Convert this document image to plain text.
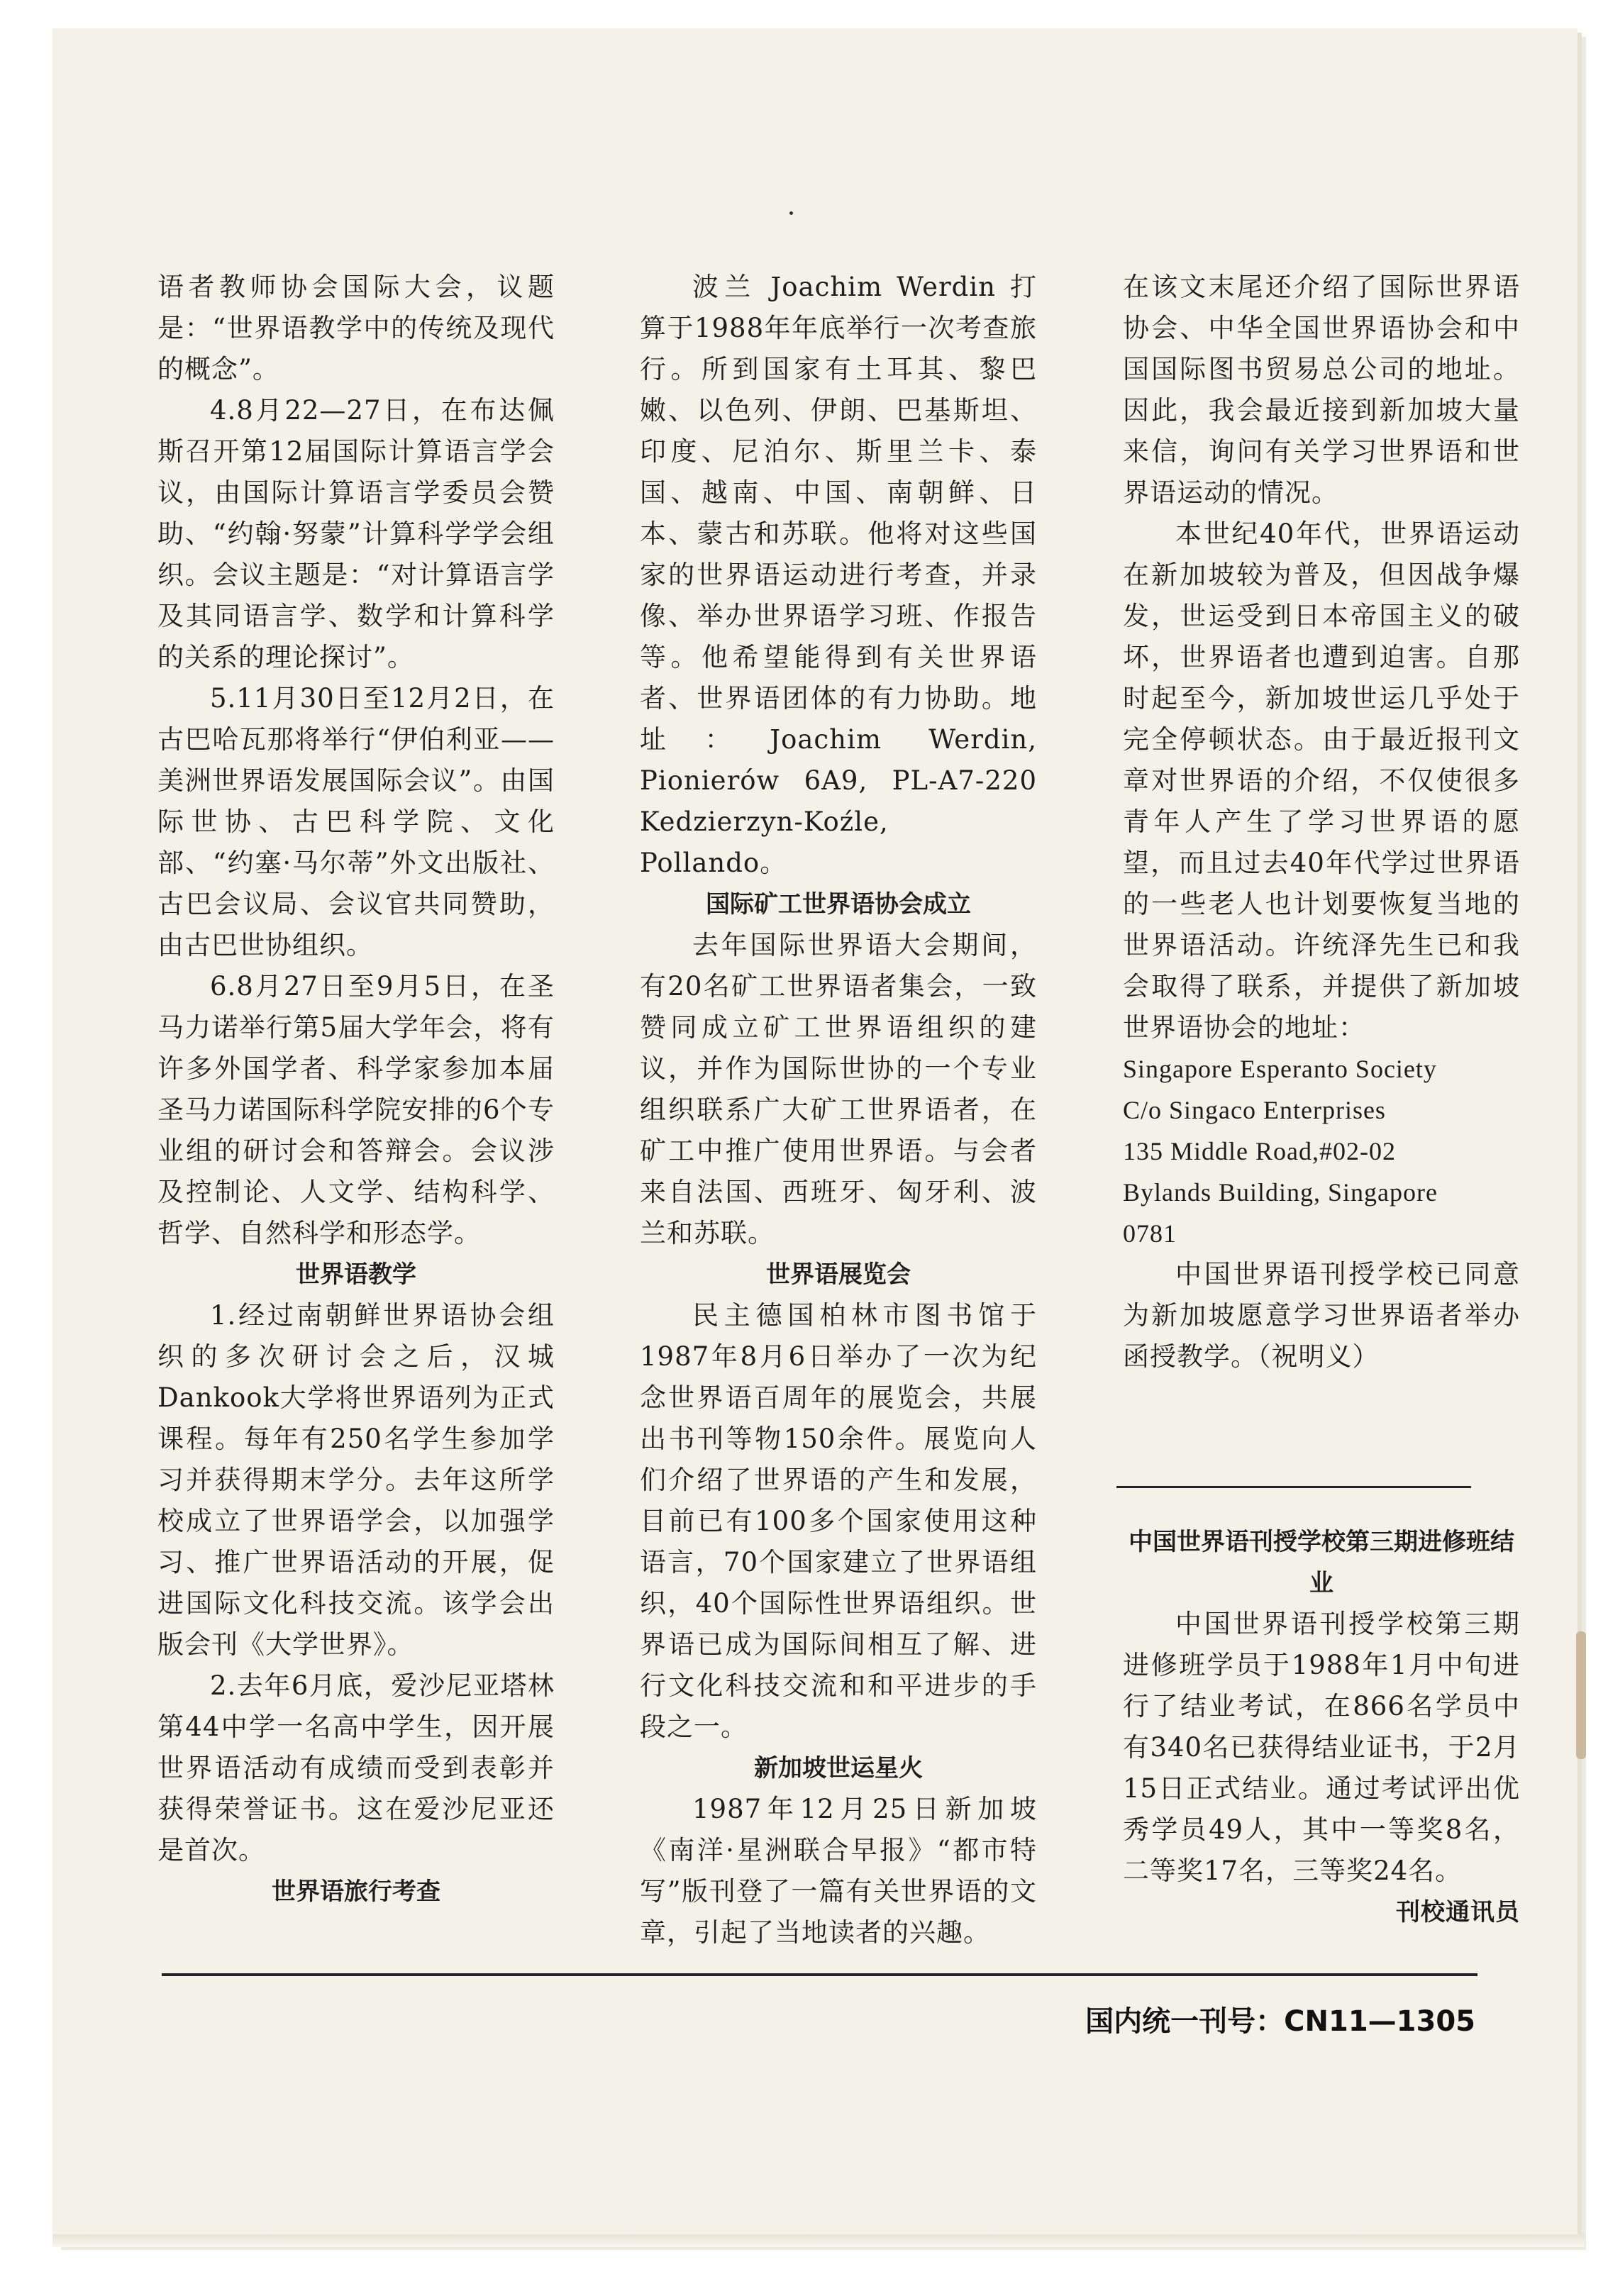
语者教师协会国际大会，议题是：“世界语教学中的传统及现代的概念”。

4.8月22—27日，在布达佩斯召开第12届国际计算语言学会议，由国际计算语言学委员会赞助、“约翰·努蒙”计算科学学会组织。会议主题是：“对计算语言学及其同语言学、数学和计算科学的关系的理论探讨”。

5.11月30日至12月2日，在古巴哈瓦那将举行“伊伯利亚——美洲世界语发展国际会议”。由国际世协、古巴科学院、文化部、“约塞·马尔蒂”外文出版社、古巴会议局、会议官共同赞助，由古巴世协组织。

6.8月27日至9月5日，在圣马力诺举行第5届大学年会，将有许多外国学者、科学家参加本届圣马力诺国际科学院安排的6个专业组的研讨会和答辩会。会议涉及控制论、人文学、结构科学、哲学、自然科学和形态学。

世界语教学

1.经过南朝鲜世界语协会组织的多次研讨会之后，汉城Dankook大学将世界语列为正式课程。每年有250名学生参加学习并获得期末学分。去年这所学校成立了世界语学会，以加强学习、推广世界语活动的开展，促进国际文化科技交流。该学会出版会刊《大学世界》。

2.去年6月底，爱沙尼亚塔林第44中学一名高中学生，因开展世界语活动有成绩而受到表彰并获得荣誉证书。这在爱沙尼亚还是首次。

世界语旅行考查

波兰 Joachim Werdin 打算于1988年年底举行一次考查旅行。所到国家有土耳其、黎巴嫩、以色列、伊朗、巴基斯坦、印度、尼泊尔、斯里兰卡、泰国、越南、中国、南朝鲜、日本、蒙古和苏联。他将对这些国家的世界语运动进行考查，并录像、举办世界语学习班、作报告等。他希望能得到有关世界语者、世界语团体的有力协助。地址：Joachim Werdin, Pionierów 6A9, PL-A7-220 Kedzierzyn-Koźle, Pollando。

国际矿工世界语协会成立

去年国际世界语大会期间，有20名矿工世界语者集会，一致赞同成立矿工世界语组织的建议，并作为国际世协的一个专业组织联系广大矿工世界语者，在矿工中推广使用世界语。与会者来自法国、西班牙、匈牙利、波兰和苏联。

世界语展览会

民主德国柏林市图书馆于1987年8月6日举办了一次为纪念世界语百周年的展览会，共展出书刊等物150余件。展览向人们介绍了世界语的产生和发展，目前已有100多个国家使用这种语言，70个国家建立了世界语组织，40个国际性世界语组织。世界语已成为国际间相互了解、进行文化科技交流和和平进步的手段之一。

新加坡世运星火

1987年12月25日新加坡《南洋·星洲联合早报》“都市特写”版刊登了一篇有关世界语的文章，引起了当地读者的兴趣。

在该文末尾还介绍了国际世界语协会、中华全国世界语协会和中国国际图书贸易总公司的地址。因此，我会最近接到新加坡大量来信，询问有关学习世界语和世界语运动的情况。

本世纪40年代，世界语运动在新加坡较为普及，但因战争爆发，世运受到日本帝国主义的破坏，世界语者也遭到迫害。自那时起至今，新加坡世运几乎处于完全停顿状态。由于最近报刊文章对世界语的介绍，不仅使很多青年人产生了学习世界语的愿望，而且过去40年代学过世界语的一些老人也计划要恢复当地的世界语活动。许统泽先生已和我会取得了联系，并提供了新加坡世界语协会的地址：

Singapore Esperanto Society

C/o Singaco Enterprises

135 Middle Road,#02-02

Bylands Building, Singapore

0781

中国世界语刊授学校已同意为新加坡愿意学习世界语者举办函授教学。（祝明义）

中国世界语刊授学校第三期进修班结业

中国世界语刊授学校第三期进修班学员于1988年1月中旬进行了结业考试，在866名学员中有340名已获得结业证书，于2月15日正式结业。通过考试评出优秀学员49人，其中一等奖8名，二等奖17名，三等奖24名。

刊校通讯员

国内统一刊号：CN11—1305
